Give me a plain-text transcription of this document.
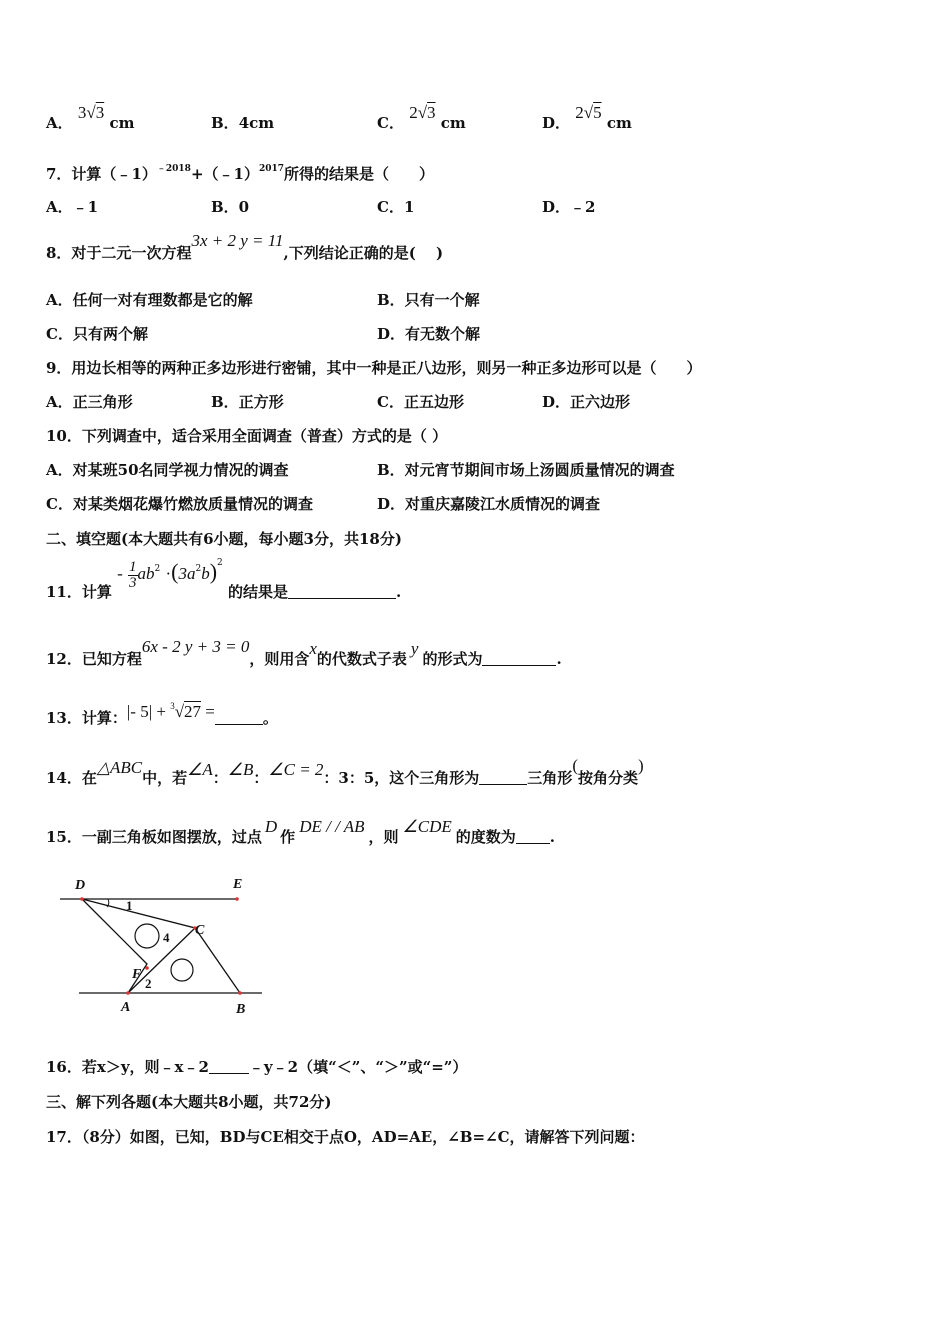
A． 3√3 cm	B．4cm	C． 2√3 cm	D． 2√5 cm
7．计算（﹣1）$^{﹣2018}$+（﹣1）$^{2017}$所得的结果是（　　）
A．﹣1	B．0	C．1	D．﹣2
8．对于二元一次方程3x + 2 y = 11,下列结论正确的是(　 )
A．任何一对有理数都是它的解	B．只有一个解
C．只有两个解	D．有无数个解
9．用边长相等的两种正多边形进行密铺，其中一种是正八边形，则另一种正多边形可以是（　　）
A．正三角形	B．正方形	C．正五边形	D．正六边形
10．下列调查中，适合采用全面调查（普查）方式的是（ ）
A．对某班50名同学视力情况的调查	B．对元宵节期间市场上汤圆质量情况的调查
C．对某类烟花爆竹燃放质量情况的调查	D．对重庆嘉陵江水质情况的调查
二、填空题(本大题共有6小题，每小题3分，共18分)
11．计算 - $\frac{1}{3} ab^2 \cdot(3a^2b)^2$ 的结果是	.
12．已知方程6x - 2 y + 3 = 0，则用含x的代数式子表y的形式为	.
13．计算：|- 5| + $^3$√27 =	。
14．在△ABC中，若∠A：∠B：∠C = 2：3：5，这个三角形为	三角形(按角分类)
15．一副三角板如图摆放，过点D作DE / / AB，则∠CDE的度数为 .
D	E
1
4 C
F
2
A	B
16．若x＞y，则﹣x﹣2	﹣y﹣2（填“＜”、“＞”或“=”）
三、解下列各题(本大题共8小题，共72分)
17．（8分）如图，已知，BD与CE相交于点O，AD=AE，∠B=∠C，请解答下列问题：
